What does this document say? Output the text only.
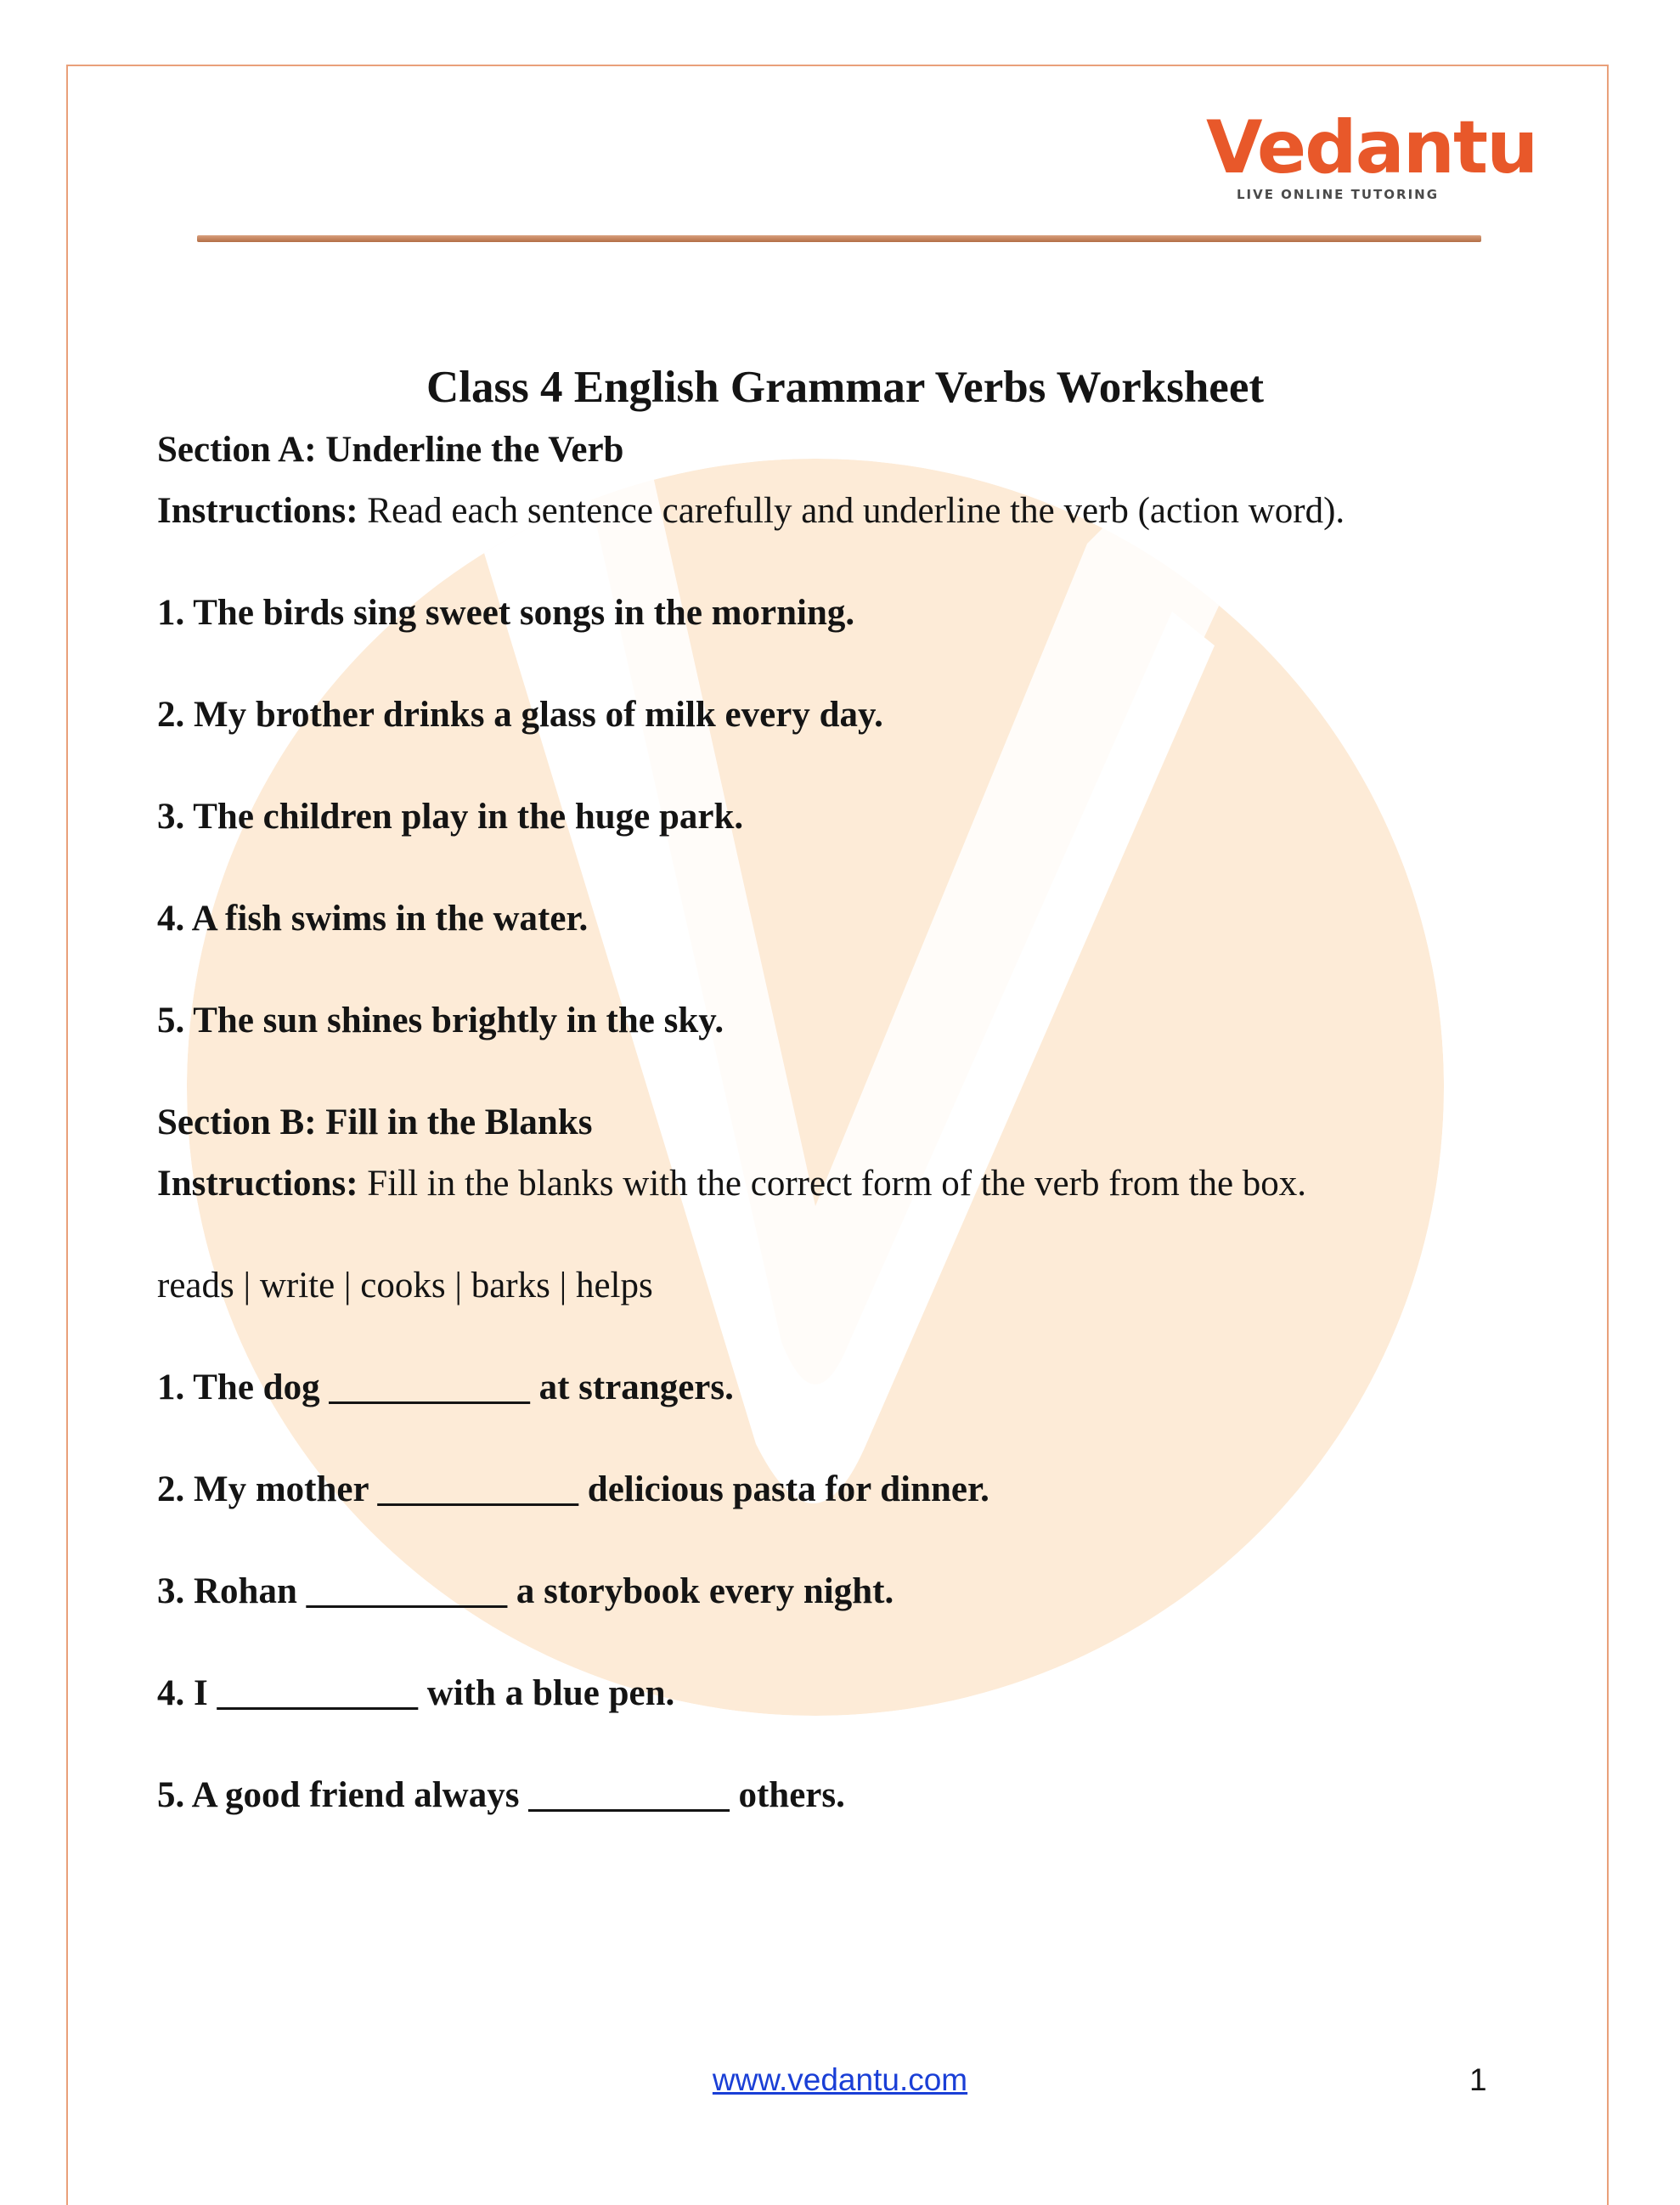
Vedantu
LIVE ONLINE TUTORING
Class 4 English Grammar Verbs Worksheet
Section A: Underline the Verb
Instructions: Read each sentence carefully and underline the verb (action word).
1. The birds sing sweet songs in the morning.
2. My brother drinks a glass of milk every day.
3. The children play in the huge park.
4. A fish swims in the water.
5. The sun shines brightly in the sky.
Section B: Fill in the Blanks
Instructions: Fill in the blanks with the correct form of the verb from the box.
reads | write | cooks | barks | helps
1. The dog ___________ at strangers.
2. My mother ___________ delicious pasta for dinner.
3. Rohan ___________ a storybook every night.
4. I ___________ with a blue pen.
5. A good friend always ___________ others.
www.vedantu.com	1
